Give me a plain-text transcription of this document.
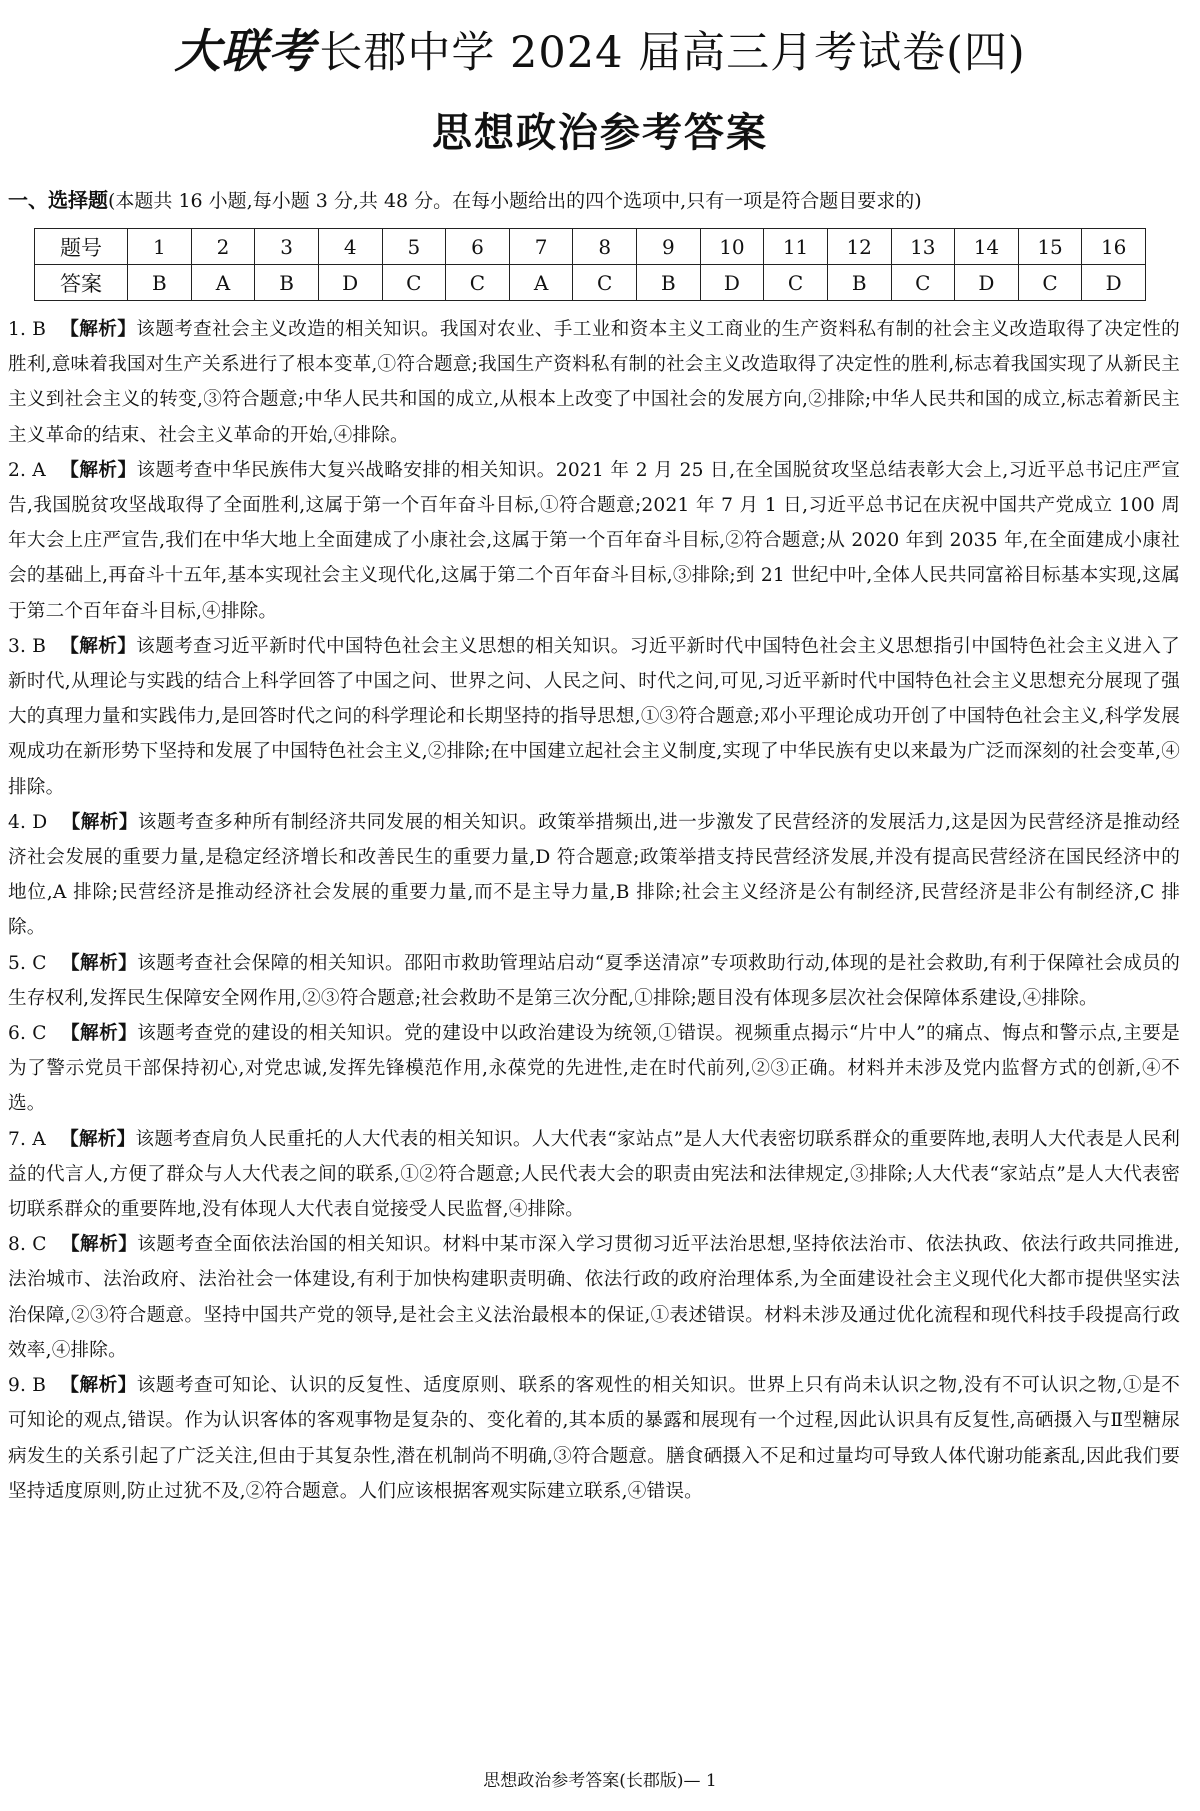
大联考长郡中学 2024 届高三月考试卷(四)
思想政治参考答案
一、选择题(本题共 16 小题,每小题 3 分,共 48 分。在每小题给出的四个选项中,只有一项是符合题目要求的)
题号	1	2	3	4	5	6	7	8	9	10	11	12	13	14	15	16
答案	B	A	B	D	C	C	A	C	B	D	C	B	C	D	C	D

1. B 【解析】该题考查社会主义改造的相关知识。我国对农业、手工业和资本主义工商业的生产资料私有制的社会主义改造取得了决定性的胜利,意味着我国对生产关系进行了根本变革,①符合题意;我国生产资料私有制的社会主义改造取得了决定性的胜利,标志着我国实现了从新民主主义到社会主义的转变,③符合题意;中华人民共和国的成立,从根本上改变了中国社会的发展方向,②排除;中华人民共和国的成立,标志着新民主主义革命的结束、社会主义革命的开始,④排除。

2. A 【解析】该题考查中华民族伟大复兴战略安排的相关知识。2021 年 2 月 25 日,在全国脱贫攻坚总结表彰大会上,习近平总书记庄严宣告,我国脱贫攻坚战取得了全面胜利,这属于第一个百年奋斗目标,①符合题意;2021 年 7 月 1 日,习近平总书记在庆祝中国共产党成立 100 周年大会上庄严宣告,我们在中华大地上全面建成了小康社会,这属于第一个百年奋斗目标,②符合题意;从 2020 年到 2035 年,在全面建成小康社会的基础上,再奋斗十五年,基本实现社会主义现代化,这属于第二个百年奋斗目标,③排除;到 21 世纪中叶,全体人民共同富裕目标基本实现,这属于第二个百年奋斗目标,④排除。

3. B 【解析】该题考查习近平新时代中国特色社会主义思想的相关知识。习近平新时代中国特色社会主义思想指引中国特色社会主义进入了新时代,从理论与实践的结合上科学回答了中国之问、世界之问、人民之问、时代之问,可见,习近平新时代中国特色社会主义思想充分展现了强大的真理力量和实践伟力,是回答时代之问的科学理论和长期坚持的指导思想,①③符合题意;邓小平理论成功开创了中国特色社会主义,科学发展观成功在新形势下坚持和发展了中国特色社会主义,②排除;在中国建立起社会主义制度,实现了中华民族有史以来最为广泛而深刻的社会变革,④排除。

4. D 【解析】该题考查多种所有制经济共同发展的相关知识。政策举措频出,进一步激发了民营经济的发展活力,这是因为民营经济是推动经济社会发展的重要力量,是稳定经济增长和改善民生的重要力量,D 符合题意;政策举措支持民营经济发展,并没有提高民营经济在国民经济中的地位,A 排除;民营经济是推动经济社会发展的重要力量,而不是主导力量,B 排除;社会主义经济是公有制经济,民营经济是非公有制经济,C 排除。

5. C 【解析】该题考查社会保障的相关知识。邵阳市救助管理站启动“夏季送清凉”专项救助行动,体现的是社会救助,有利于保障社会成员的生存权利,发挥民生保障安全网作用,②③符合题意;社会救助不是第三次分配,①排除;题目没有体现多层次社会保障体系建设,④排除。

6. C 【解析】该题考查党的建设的相关知识。党的建设中以政治建设为统领,①错误。视频重点揭示“片中人”的痛点、悔点和警示点,主要是为了警示党员干部保持初心,对党忠诚,发挥先锋模范作用,永葆党的先进性,走在时代前列,②③正确。材料并未涉及党内监督方式的创新,④不选。

7. A 【解析】该题考查肩负人民重托的人大代表的相关知识。人大代表“家站点”是人大代表密切联系群众的重要阵地,表明人大代表是人民利益的代言人,方便了群众与人大代表之间的联系,①②符合题意;人民代表大会的职责由宪法和法律规定,③排除;人大代表“家站点”是人大代表密切联系群众的重要阵地,没有体现人大代表自觉接受人民监督,④排除。

8. C 【解析】该题考查全面依法治国的相关知识。材料中某市深入学习贯彻习近平法治思想,坚持依法治市、依法执政、依法行政共同推进,法治城市、法治政府、法治社会一体建设,有利于加快构建职责明确、依法行政的政府治理体系,为全面建设社会主义现代化大都市提供坚实法治保障,②③符合题意。坚持中国共产党的领导,是社会主义法治最根本的保证,①表述错误。材料未涉及通过优化流程和现代科技手段提高行政效率,④排除。

9. B 【解析】该题考查可知论、认识的反复性、适度原则、联系的客观性的相关知识。世界上只有尚未认识之物,没有不可认识之物,①是不可知论的观点,错误。作为认识客体的客观事物是复杂的、变化着的,其本质的暴露和展现有一个过程,因此认识具有反复性,高硒摄入与Ⅱ型糖尿病发生的关系引起了广泛关注,但由于其复杂性,潜在机制尚不明确,③符合题意。膳食硒摄入不足和过量均可导致人体代谢功能紊乱,因此我们要坚持适度原则,防止过犹不及,②符合题意。人们应该根据客观实际建立联系,④错误。

思想政治参考答案(长郡版)— 1
